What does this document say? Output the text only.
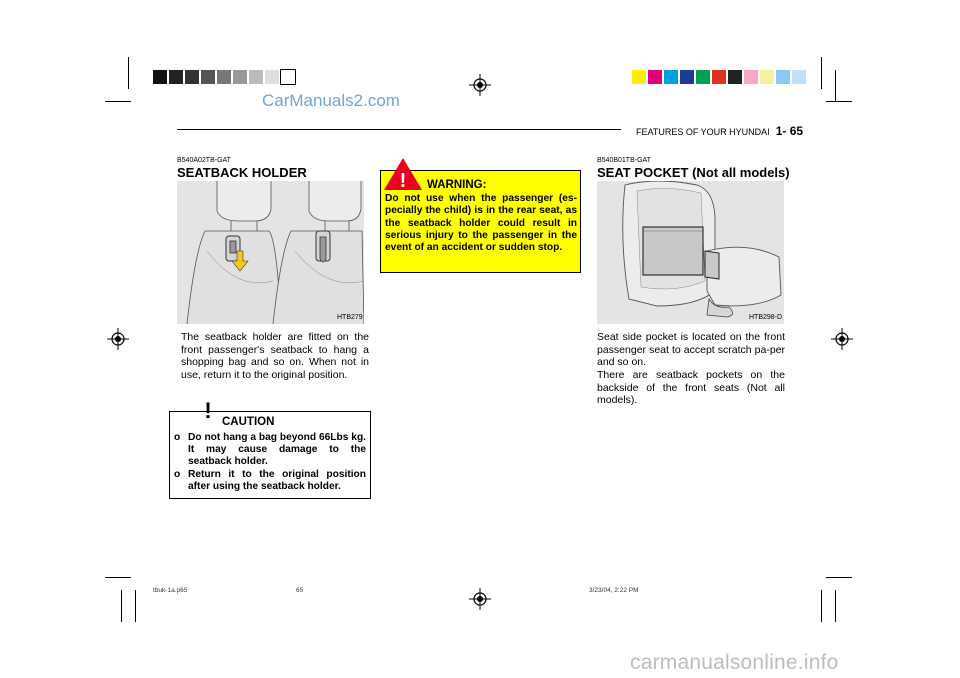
CarManuals2.com
FEATURES OF YOUR HYUNDAI 1- 65
B540A02TB-GAT
SEATBACK HOLDER
HTB279
The seatback holder are fitted on the front passenger's seatback to hang a shopping bag and so on. When not in use, return it to the original position.
! CAUTION
o Do not hang a bag beyond 66Lbs kg. It may cause damage to the seatback holder.
o Return it to the original position after using the seatback holder.
! WARNING:
Do not use when the passenger (es-pecially the child) is in the rear seat, as the seatback holder could result in serious injury to the passenger in the event of an accident or sudden stop.
B540B01TB-GAT
SEAT POCKET (Not all models)
HTB298-D
Seat side pocket is located on the front passenger seat to accept scratch pa-per and so on.
There are seatback pockets on the backside of the front seats (Not all models).
tbuk-1a.p65	65	3/23/04, 2:22 PM
carmanualsonline.info
